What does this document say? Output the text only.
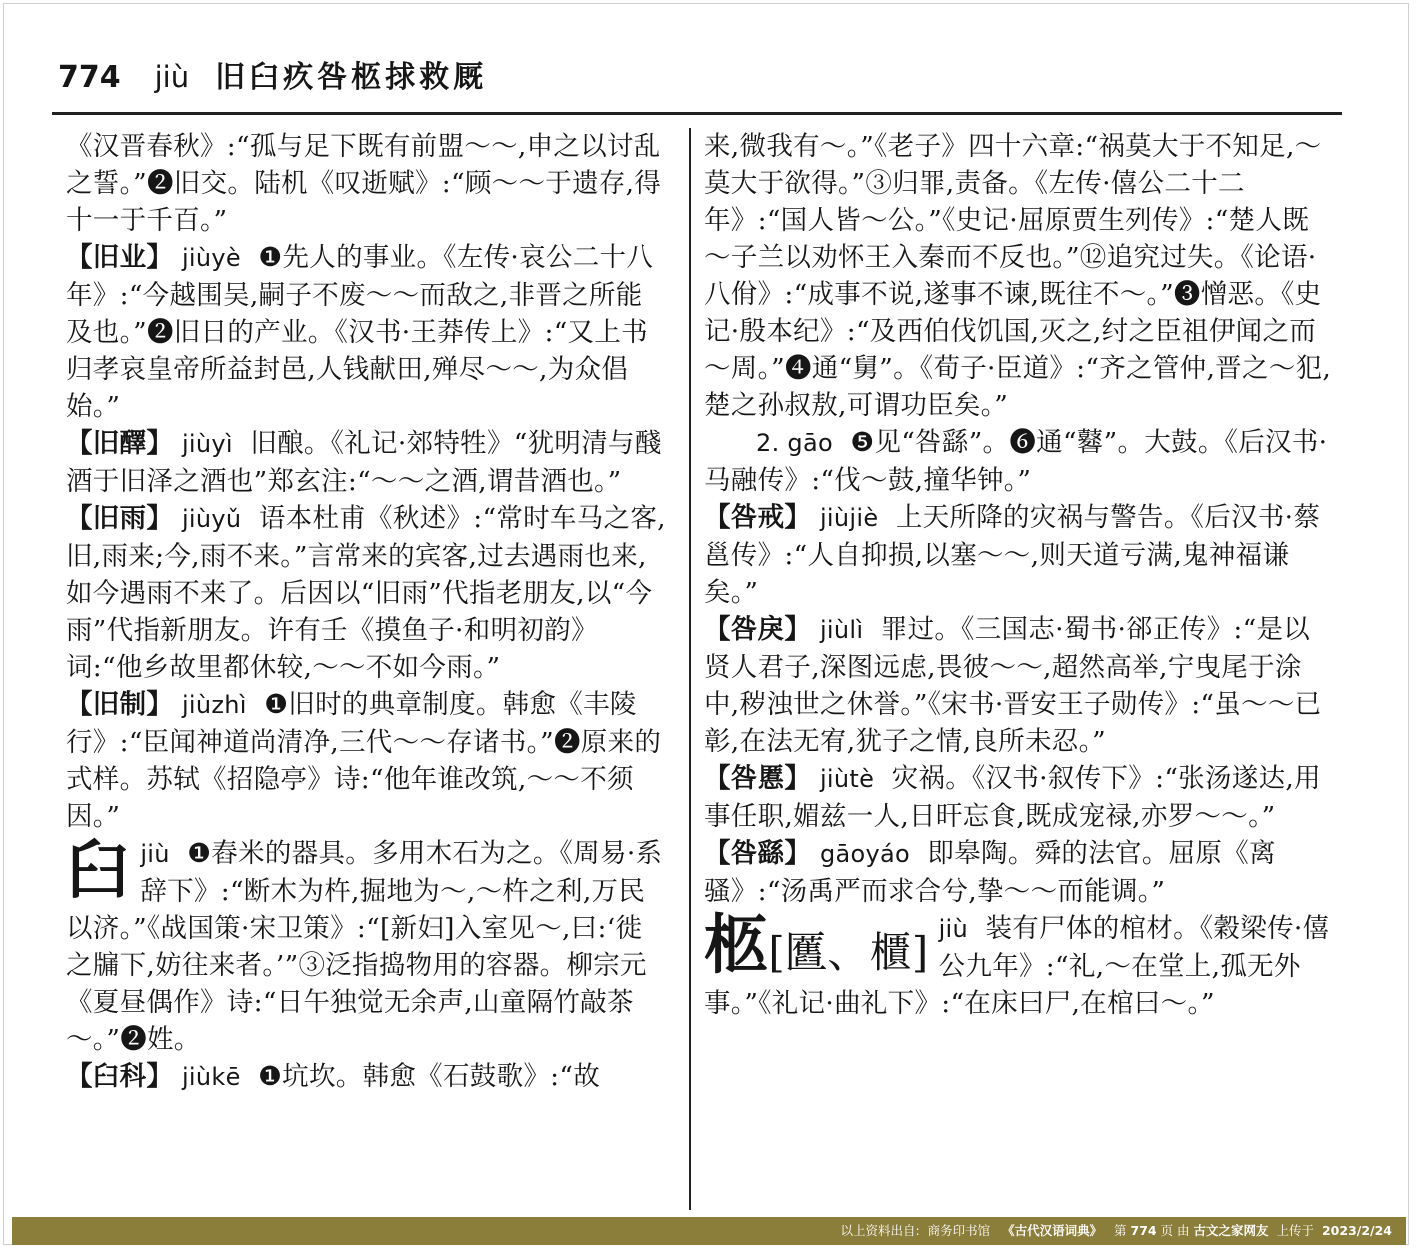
774 jiù 旧臼疚咎柩捄救厩
《汉晋春秋》:“孤与足下既有前盟～～,申之以讨乱之誓。”❷旧交。陆机《叹逝赋》:“顾～～于遗存,得十一于千百。”
【旧业】 jiùyè ❶先人的事业。《左传·哀公二十八年》:“今越围吴,嗣子不废～～而敌之,非晋之所能及也。”❷旧日的产业。《汉书·王莽传上》:“又上书归孝哀皇帝所益封邑,人钱献田,殚尽～～,为众倡始。”
【旧醳】 jiùyì 旧酿。《礼记·郊特牲》“犹明清与醆酒于旧泽之酒也”郑玄注:“～～之酒,谓昔酒也。”
【旧雨】 jiùyǔ 语本杜甫《秋述》:“常时车马之客,旧,雨来;今,雨不来。”言常来的宾客,过去遇雨也来,如今遇雨不来了。后因以“旧雨”代指老朋友,以“今雨”代指新朋友。许有壬《摸鱼子·和明初韵》词:“他乡故里都休较,～～不如今雨。”
【旧制】 jiùzhì ❶旧时的典章制度。韩愈《丰陵行》:“臣闻神道尚清净,三代～～存诸书。”❷原来的式样。苏轼《招隐亭》诗:“他年谁改筑,～～不须因。”
臼 jiù ❶舂米的器具。多用木石为之。《周易·系辞下》:“断木为杵,掘地为～,～杵之利,万民以济。”《战国策·宋卫策》:“[新妇]入室见～,曰:‘徙之牖下,妨往来者。’”③泛指捣物用的容器。柳宗元《夏昼偶作》诗:“日午独觉无余声,山童隔竹敲茶～。”❷姓。
【臼科】 jiùkē ❶坑坎。韩愈《石鼓歌》:“故
来,微我有～。”《老子》四十六章:“祸莫大于不知足,～莫大于欲得。”③归罪,责备。《左传·僖公二十二年》:“国人皆～公。”《史记·屈原贾生列传》:“楚人既～子兰以劝怀王入秦而不反也。”⑫追究过失。《论语·八佾》:“成事不说,遂事不谏,既往不～。”❸憎恶。《史记·殷本纪》:“及西伯伐饥国,灭之,纣之臣祖伊闻之而～周。”❹通“舅”。《荀子·臣道》:“齐之管仲,晋之～犯,楚之孙叔敖,可谓功臣矣。”
2. gāo ❺见“咎繇”。❻通“鼛”。大鼓。《后汉书·马融传》:“伐～鼓,撞华钟。”
【咎戒】 jiùjiè 上天所降的灾祸与警告。《后汉书·蔡邕传》:“人自抑损,以塞～～,则天道亏满,鬼神福谦矣。”
【咎戾】 jiùlì 罪过。《三国志·蜀书·郤正传》:“是以贤人君子,深图远虑,畏彼～～,超然高举,宁曳尾于涂中,秽浊世之休誉。”《宋书·晋安王子勋传》:“虽～～已彰,在法无宥,犹子之情,良所未忍。”
【咎慝】 jiùtè 灾祸。《汉书·叙传下》:“张汤遂达,用事任职,媚兹一人,日旰忘食,既成宠禄,亦罗～～。”
【咎繇】 gāoyáo 即皋陶。舜的法官。屈原《离骚》:“汤禹严而求合兮,挚～～而能调。”
柩[匶、櫃] jiù 装有尸体的棺材。《穀梁传·僖公九年》:“礼,～在堂上,孤无外事。”《礼记·曲礼下》:“在床曰尸,在棺曰～。”
以上资料出自: 商务印书馆 《古代汉语词典》 第 774 页 由 古文之家网友 上传于 2023/2/24
